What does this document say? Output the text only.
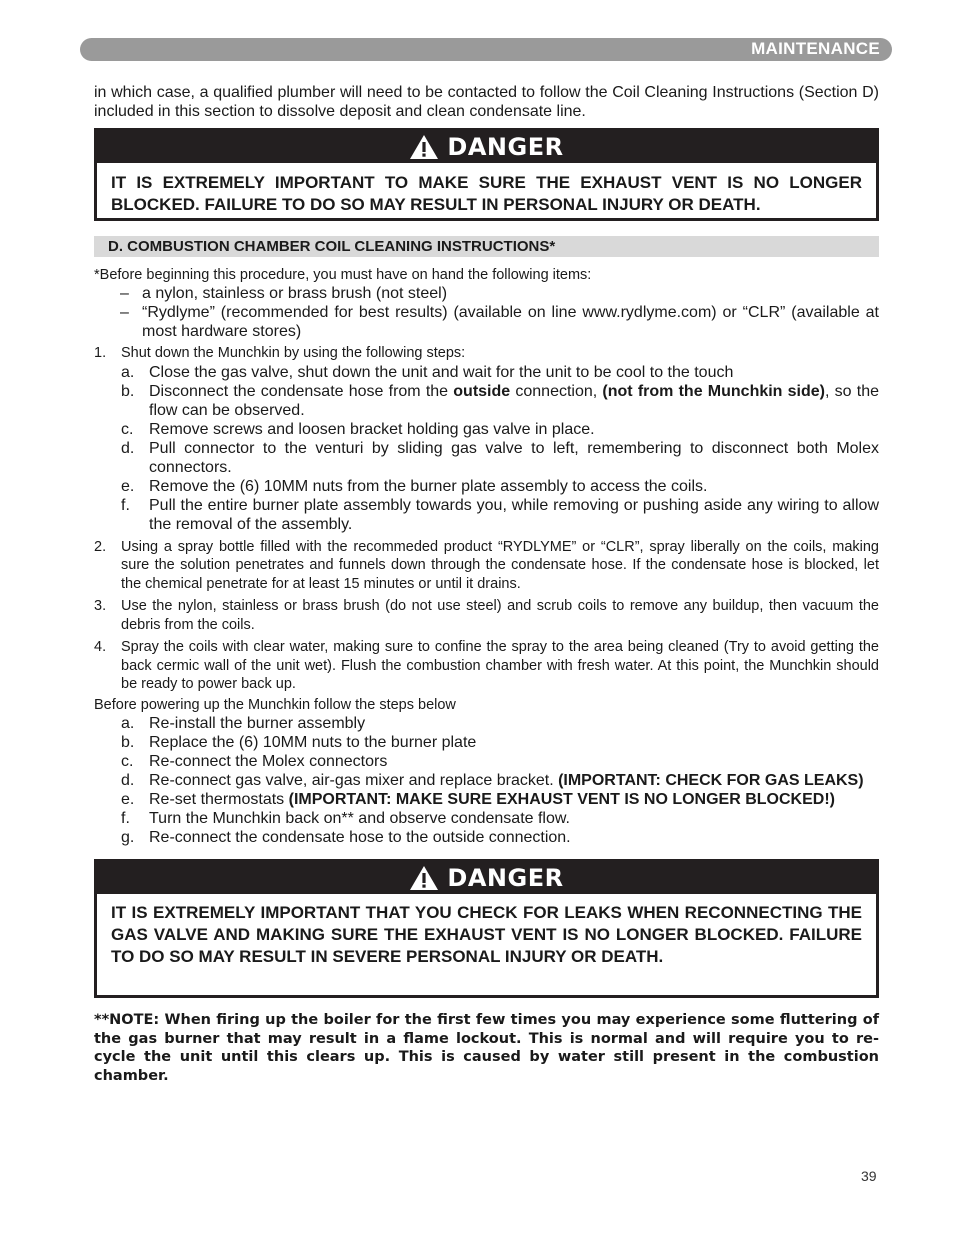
MAINTENANCE

in which case, a qualified plumber will need to be contacted to follow the Coil Cleaning Instructions (Section D) included in this section to dissolve deposit and clean condensate line.

DANGER
IT IS EXTREMELY IMPORTANT TO MAKE SURE THE EXHAUST VENT IS NO LONGER BLOCKED. FAILURE TO DO SO MAY RESULT IN PERSONAL INJURY OR DEATH.
D. COMBUSTION CHAMBER COIL CLEANING INSTRUCTIONS*

*Before beginning this procedure, you must have on hand the following items:

– a nylon, stainless or brass brush (not steel)
– “Rydlyme” (recommended for best results) (available on line www.rydlyme.com) or “CLR” (available at most hardware stores)
1.	Shut down the Munchkin by using the following steps:
a. Close the gas valve, shut down the unit and wait for the unit to be cool to the touch
b. Disconnect the condensate hose from the outside connection, (not from the Munchkin side), so the flow can be observed.
c. Remove screws and loosen bracket holding gas valve in place.
d. Pull connector to the venturi by sliding gas valve to left, remembering to disconnect both Molex connectors.
e. Remove the (6) 10MM nuts from the burner plate assembly to access the coils.
f.	Pull the entire burner plate assembly towards you, while removing or pushing aside any wiring to allow the removal of the assembly.
2.	Using a spray bottle filled with the recommeded product “RYDLYME” or “CLR”, spray liberally on the coils, making sure the solution penetrates and funnels down through the condensate hose. If the condensate hose is blocked, let the chemical penetrate for at least 15 minutes or until it drains.
3.	Use the nylon, stainless or brass brush (do not use steel) and scrub coils to remove any buildup, then vacuum the debris from the coils.
4.	Spray the coils with clear water, making sure to confine the spray to the area being cleaned (Try to avoid getting the back cermic wall of the unit wet). Flush the combustion chamber with fresh water. At this point, the Munchkin should be ready to power back up.

Before powering up the Munchkin follow the steps below

a. Re-install the burner assembly
b. Replace the (6) 10MM nuts to the burner plate
c. Re-connect the Molex connectors
d. Re-connect gas valve, air-gas mixer and replace bracket. (IMPORTANT: CHECK FOR GAS LEAKS)
e. Re-set thermostats (IMPORTANT: MAKE SURE EXHAUST VENT IS NO LONGER BLOCKED!)
f.	Turn the Munchkin back on** and observe condensate flow.
g. Re-connect the condensate hose to the outside connection.
DANGER
IT IS EXTREMELY IMPORTANT THAT YOU CHECK FOR LEAKS WHEN RECONNECTING THE GAS VALVE AND MAKING SURE THE EXHAUST VENT IS NO LONGER BLOCKED. FAILURE TO DO SO MAY RESULT IN SEVERE PERSONAL INJURY OR DEATH.

**NOTE: When firing up the boiler for the first few times you may experience some fluttering of the gas burner that may result in a flame lockout. This is normal and will require you to re-cycle the unit until this clears up. This is caused by water still present in the combustion chamber.

39
